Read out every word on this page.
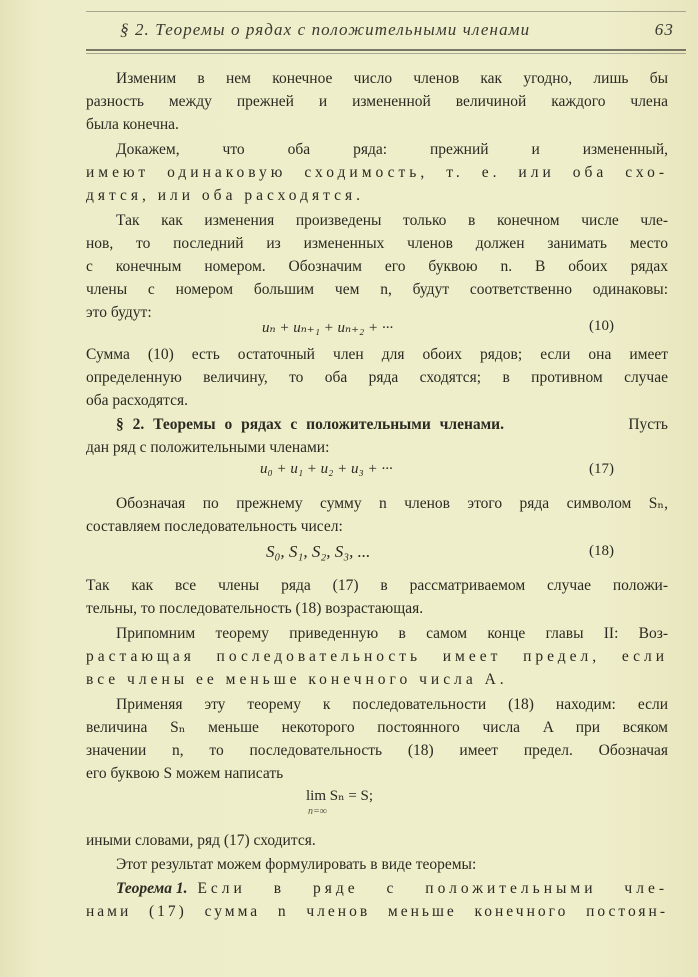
§ 2. Теоремы о рядах с положительными членами	63
Изменим в нем конечное число членов как угодно, лишь бы
разность между прежней и измененной величиной каждого члена
была конечна.
Докажем, что оба ряда: прежний и измененный,
имеют одинаковую сходимость, т. е. или оба схо-
дятся, или оба расходятся.
Так как изменения произведены только в конечном числе чле-
нов, то последний из измененных членов должен занимать место
с конечным номером. Обозначим его буквою n. В обоих рядах
члены с номером большим чем n, будут соответственно одинаковы:
это будут:
uₙ + uₙ₊₁ + uₙ₊₂ + ···	(10)
Сумма (10) есть остаточный член для обоих рядов; если она имеет
определенную величину, то оба ряда сходятся; в противном случае
оба расходятся.
§ 2. Теоремы о рядах с положительными членами.	Пусть
дан ряд с положительными членами:
u₀ + u₁ + u₂ + u₃ + ···	(17)
Обозначая по прежнему сумму n членов этого ряда символом Sₙ,
составляем последовательность чисел:
S₀, S₁, S₂, S₃, ...	(18)
Так как все члены ряда (17) в рассматриваемом случае положи-
тельны, то последовательность (18) возрастающая.
Припомним теорему приведенную в самом конце главы II: Воз-
растающая последовательность имеет предел, если
все члены ее меньше конечного числа A.
Применяя эту теорему к последовательности (18) находим: если
величина Sₙ меньше некоторого постоянного числа A при всяком
значении n, то последовательность (18) имеет предел. Обозначая
его буквою S можем написать
lim Sₙ = S;
n=∞
иными словами, ряд (17) сходится.
Этот результат можем формулировать в виде теоремы:
Теорема 1. Если в ряде с положительными чле-
нами (17) сумма n членов меньше конечного постоян-
